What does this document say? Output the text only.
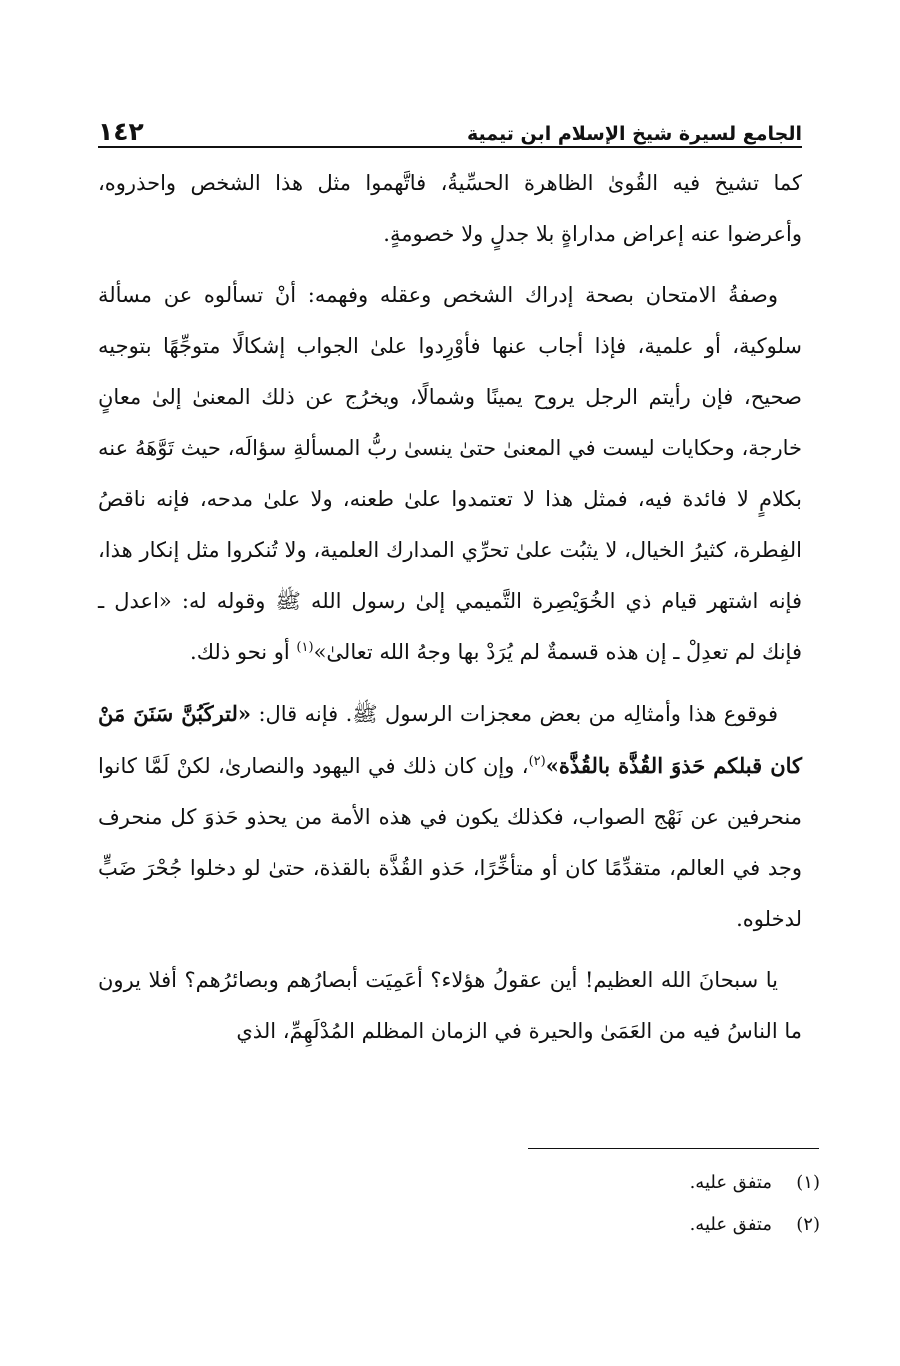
الجامع لسيرة شيخ الإسلام ابن تيمية
١٤٢

كما تشيخ فيه القُوىٰ الظاهرة الحسِّيةُ، فاتَّهموا مثل هذا الشخص واحذروه، وأعرضوا عنه إعراض مداراةٍ بلا جدلٍ ولا خصومةٍ.

وصفةُ الامتحان بصحة إدراك الشخص وعقله وفهمه: أنْ تسألوه عن مسألة سلوكية، أو علمية، فإذا أجاب عنها فأوْرِدوا علىٰ الجواب إشكالًا متوجِّهًا بتوجيه صحيح، فإن رأيتم الرجل يروح يمينًا وشمالًا، ويخرُج عن ذلك المعنىٰ إلىٰ معانٍ خارجة، وحكايات ليست في المعنىٰ حتىٰ ينسىٰ ربُّ المسألةِ سؤالَه، حيث تَوَّهَهُ عنه بكلامٍ لا فائدة فيه، فمثل هذا لا تعتمدوا علىٰ طعنه، ولا علىٰ مدحه، فإنه ناقصُ الفِطرة، كثيرُ الخيال، لا يثبُت علىٰ تحرِّي المدارك العلمية، ولا تُنكروا مثل إنكار هذا، فإنه اشتهر قيام ذي الخُوَيْصِرة التَّميمي إلىٰ رسول الله ﷺ وقوله له: «اعدل ـ فإنك لم تعدِلْ ـ إن هذه قسمةٌ لم يُرَدْ بها وجهُ الله تعالىٰ»$^{(١)}$ أو نحو ذلك.

فوقوع هذا وأمثالِه من بعض معجزات الرسول ﷺ. فإنه قال: «لتركَبُنَّ سَنَنَ مَنْ كان قبلكم حَذوَ القُذَّة بالقُذَّة»$^{(٢)}$، وإن كان ذلك في اليهود والنصارىٰ، لكنْ لَمَّا كانوا منحرفين عن نَهْج الصواب، فكذلك يكون في هذه الأمة من يحذو حَذوَ كل منحرف وجد في العالم، متقدِّمًا كان أو متأخِّرًا، حَذو القُذَّة بالقذة، حتىٰ لو دخلوا جُحْرَ ضَبٍّ لدخلوه.

يا سبحانَ الله العظيم! أين عقولُ هؤلاء؟ أعَمِيَت أبصارُهم وبصائرُهم؟ أفلا يرون ما الناسُ فيه من العَمَىٰ والحيرة في الزمان المظلم المُدْلَهِمِّ، الذي

(١)
متفق عليه.
(٢)
متفق عليه.
